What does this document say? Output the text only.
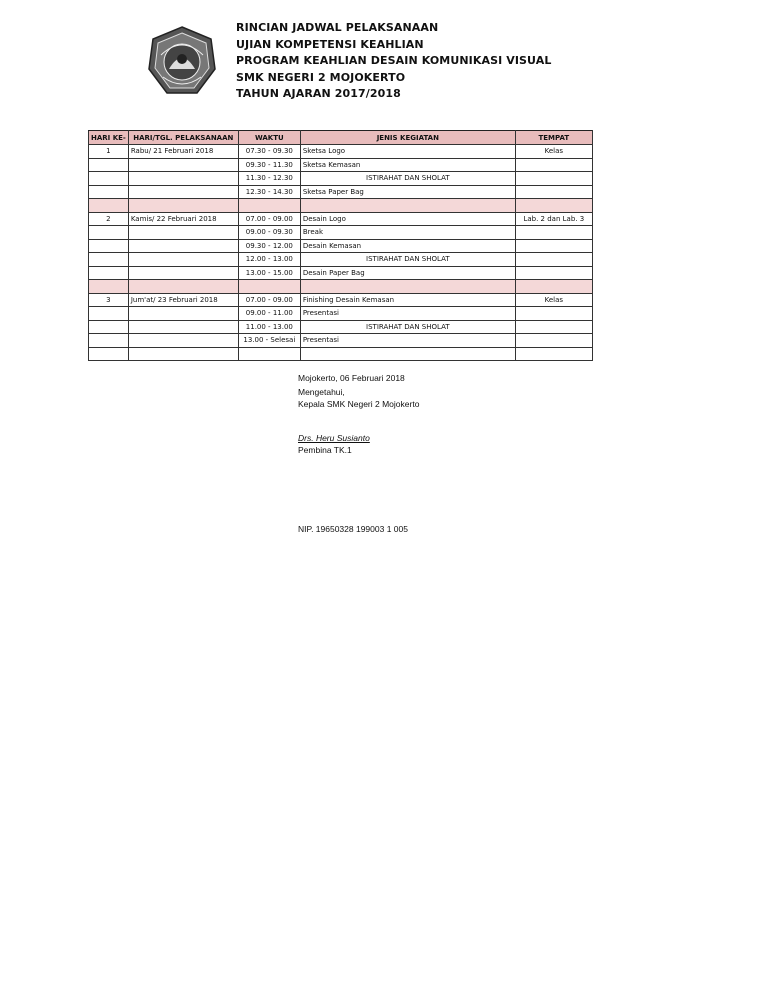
RINCIAN JADWAL PELAKSANAAN
UJIAN KOMPETENSI KEAHLIAN
PROGRAM KEAHLIAN DESAIN KOMUNIKASI VISUAL
SMK NEGERI 2 MOJOKERTO
TAHUN AJARAN 2017/2018
HARI KE-	HARI/TGL. PELAKSANAAN	WAKTU	JENIS KEGIATAN	TEMPAT
1	Rabu/ 21 Februari 2018	07.30 - 09.30	Sketsa Logo	Kelas
		09.30 - 11.30	Sketsa Kemasan	
		11.30 - 12.30	ISTIRAHAT DAN SHOLAT	
		12.30 - 14.30	Sketsa Paper Bag	

2	Kamis/ 22 Februari 2018	07.00 - 09.00	Desain Logo	Lab. 2 dan Lab. 3
		09.00 - 09.30	Break	
		09.30 - 12.00	Desain Kemasan	
		12.00 - 13.00	ISTIRAHAT DAN SHOLAT	
		13.00 - 15.00	Desain Paper Bag	

3	Jum'at/ 23 Februari 2018	07.00 - 09.00	Finishing Desain Kemasan	Kelas
		09.00 - 11.00	Presentasi	
		11.00 - 13.00	ISTIRAHAT DAN SHOLAT	
		13.00 - Selesai	Presentasi	

Mojokerto, 06 Februari 2018
Mengetahui,
Kepala SMK Negeri 2 Mojokerto
Drs. Heru Susianto
Pembina TK.1
NIP. 19650328 199003 1 005
